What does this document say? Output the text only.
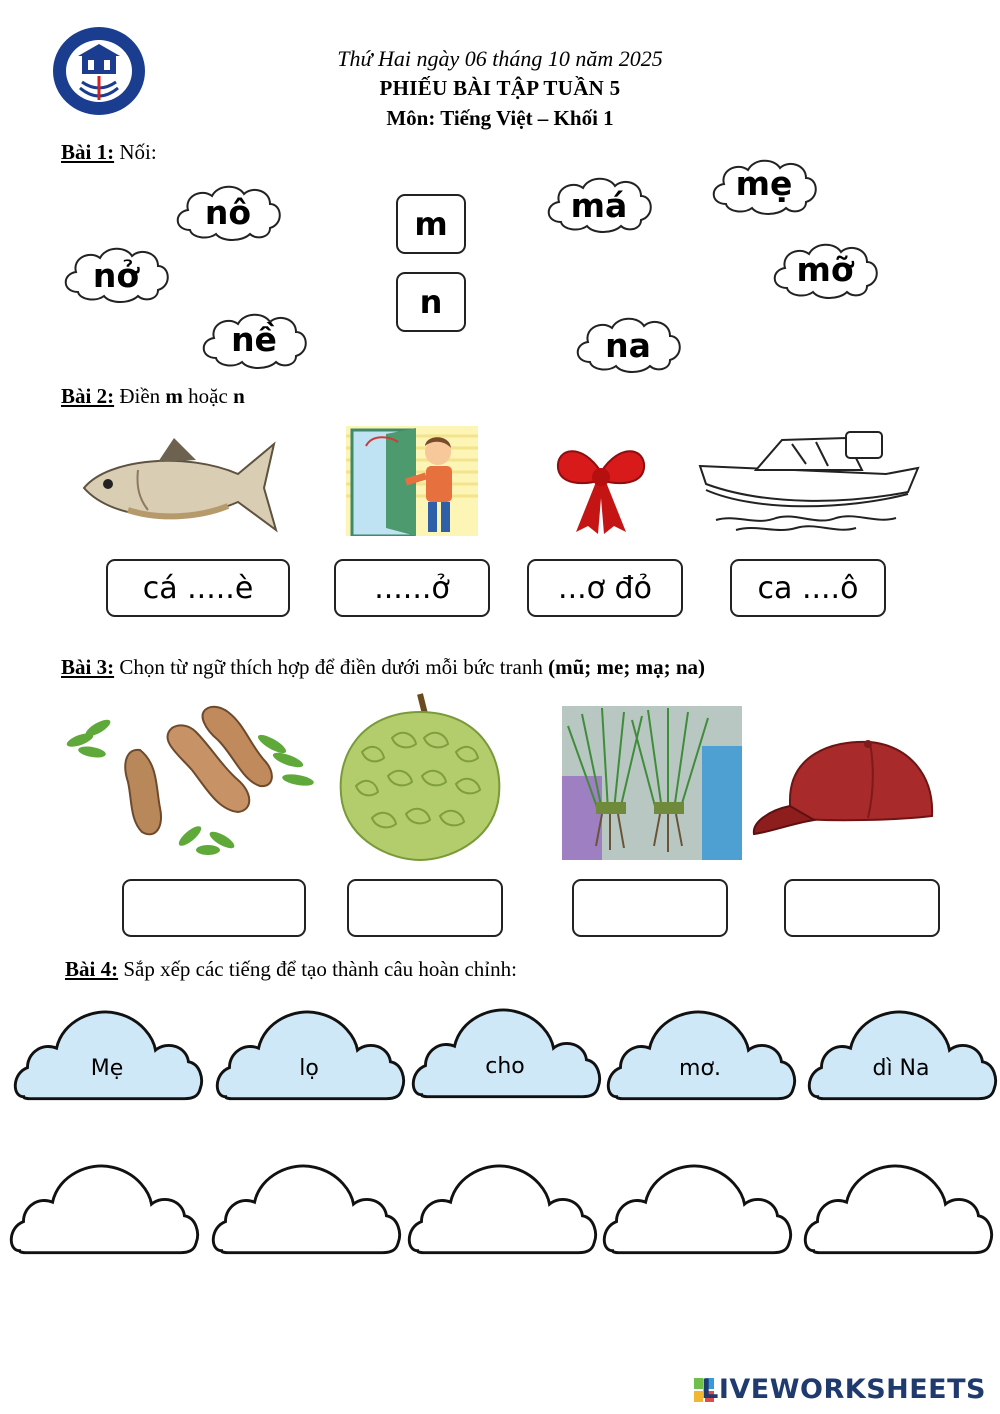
Thứ Hai ngày 06 tháng 10 năm 2025
PHIẾU BÀI TẬP TUẦN 5
Môn: Tiếng Việt – Khối 1
Bài 1: Nối:
nô
nở
nề
má
mẹ
mỡ
na
m
n
Bài 2: Điền m hoặc n
cá .....è	......ở	...ơ đỏ	ca ....ô
Bài 3: Chọn từ ngữ thích hợp để điền dưới mỗi bức tranh (mũ; me; mạ; na)
Bài 4: Sắp xếp các tiếng để tạo thành câu hoàn chỉnh:
Mẹ	lọ	cho	mơ.	dì Na
LIVEWORKSHEETS
